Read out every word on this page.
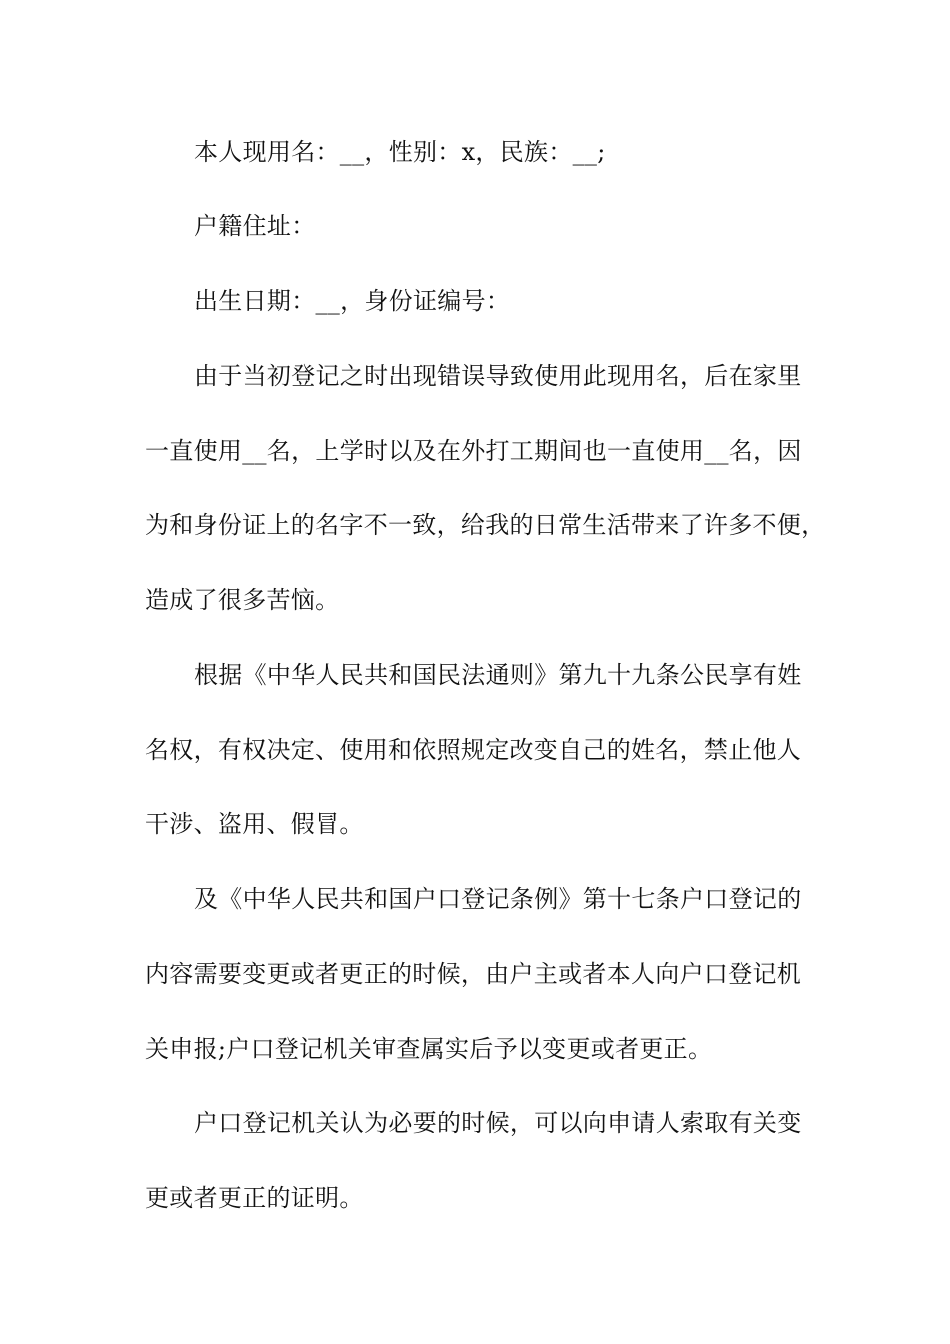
本人现用名：__，性别：x，民族：__;
户籍住址：
出生日期：__，身份证编号：
由于当初登记之时出现错误导致使用此现用名，后在家里
一直使用__名，上学时以及在外打工期间也一直使用__名，因
为和身份证上的名字不一致，给我的日常生活带来了许多不便，
造成了很多苦恼。
根据《中华人民共和国民法通则》第九十九条公民享有姓
名权，有权决定、使用和依照规定改变自己的姓名，禁止他人
干涉、盗用、假冒。
及《中华人民共和国户口登记条例》第十七条户口登记的
内容需要变更或者更正的时候，由户主或者本人向户口登记机
关申报;户口登记机关审查属实后予以变更或者更正。
户口登记机关认为必要的时候，可以向申请人索取有关变
更或者更正的证明。
